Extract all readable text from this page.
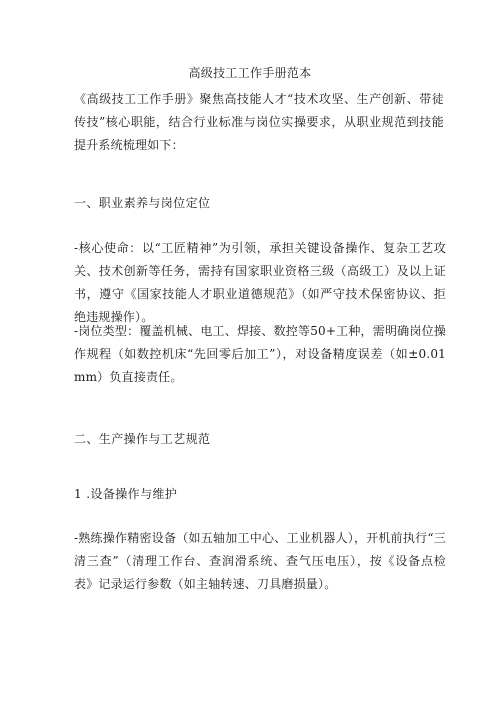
高级技工工作手册范本

《高级技工工作手册》聚焦高技能人才“技术攻坚、生产创新、带徒传技”核心职能，结合行业标准与岗位实操要求，从职业规范到技能提升系统梳理如下：

一、职业素养与岗位定位

-核心使命：以“工匠精神”为引领，承担关键设备操作、复杂工艺攻关、技术创新等任务，需持有国家职业资格三级（高级工）及以上证书，遵守《国家技能人才职业道德规范》（如严守技术保密协议、拒绝违规操作）。

-岗位类型：覆盖机械、电工、焊接、数控等50+工种，需明确岗位操作规程（如数控机床“先回零后加工”），对设备精度误差（如±0.01mm）负直接责任。

二、生产操作与工艺规范
1 .设备操作与维护

-熟练操作精密设备（如五轴加工中心、工业机器人），开机前执行“三清三查”（清理工作台、查润滑系统、查气压电压），按《设备点检表》记录运行参数（如主轴转速、刀具磨损量）。
